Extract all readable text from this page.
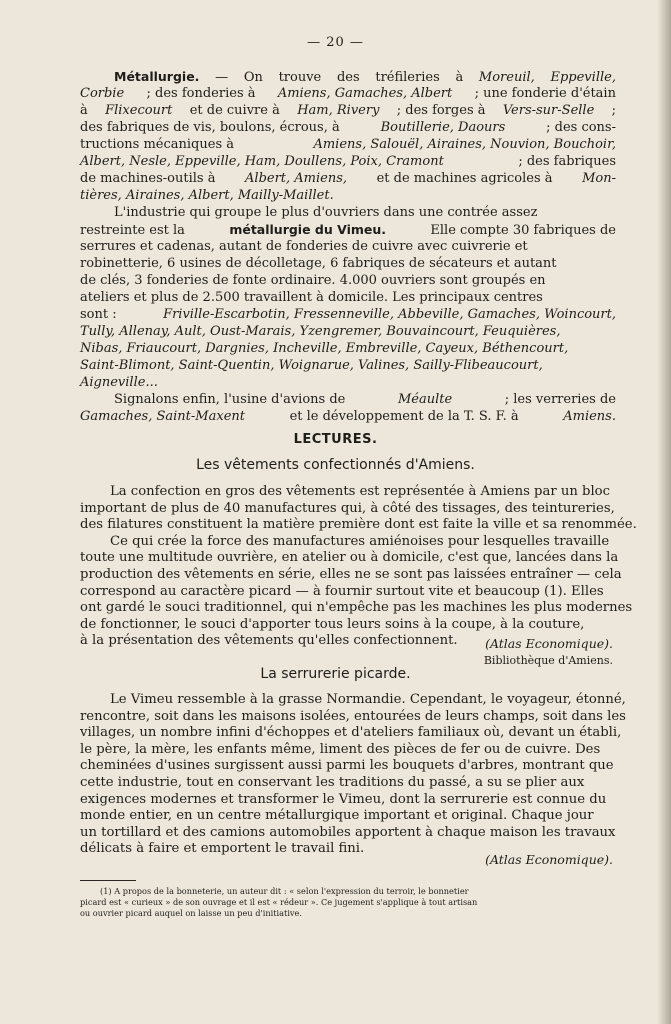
— 20 —
Métallurgie. — On trouve des tréfileries à Moreuil, Eppeville,
Corbie ; des fonderies à Amiens, Gamaches, Albert ; une fonderie d'étain
à Flixecourt et de cuivre à Ham, Rivery ; des forges à Vers-sur-Selle ;
des fabriques de vis, boulons, écrous, à	Boutillerie, Daours	; des cons-
tructions mécaniques à	Amiens, Salouël, Airaines, Nouvion, Bouchoir,
Albert, Nesle, Eppeville, Ham, Doullens, Poix, Cramont	; des fabriques
de machines-outils à Albert, Amiens, et de machines agricoles à Mon-
tières, Airaines, Albert, Mailly-Maillet.
L'industrie qui groupe le plus d'ouvriers dans une contrée assez
restreinte est la	métallurgie du Vimeu.	Elle compte 30 fabriques de
serrures et cadenas, autant de fonderies de cuivre avec cuivrerie et
robinetterie, 6 usines de décolletage, 6 fabriques de sécateurs et autant
de clés, 3 fonderies de fonte ordinaire. 4.000 ouvriers sont groupés en
ateliers et plus de 2.500 travaillent à domicile. Les principaux centres
sont :	Friville-Escarbotin, Fressenneville, Abbeville, Gamaches, Woincourt,
Tully, Allenay, Ault, Oust-Marais, Yzengremer, Bouvaincourt, Feuquières,
Nibas, Friaucourt, Dargnies, Incheville, Embreville, Cayeux, Béthencourt,
Saint-Blimont, Saint-Quentin, Woignarue, Valines, Sailly-Flibeaucourt,
Aigneville...
Signalons enfin, l'usine d'avions de	Méaulte	; les verreries de
Gamaches, Saint-Maxent	et le développement de la T. S. F. à	Amiens.
LECTURES.
Les vêtements confectionnés d'Amiens.
La confection en gros des vêtements est représentée à Amiens par un bloc
important de plus de 40 manufactures qui, à côté des tissages, des teintureries,
des filatures constituent la matière première dont est faite la ville et sa renommée.
Ce qui crée la force des manufactures amiénoises pour lesquelles travaille
toute une multitude ouvrière, en atelier ou à domicile, c'est que, lancées dans la
production des vêtements en série, elles ne se sont pas laissées entraîner — cela
correspond au caractère picard — à fournir surtout vite et beaucoup (1). Elles
ont gardé le souci traditionnel, qui n'empêche pas les machines les plus modernes
de fonctionner, le souci d'apporter tous leurs soins à la coupe, à la couture,
à la présentation des vêtements qu'elles confectionnent. (Atlas Economique).
Bibliothèque d'Amiens.
La serrurerie picarde.
Le Vimeu ressemble à la grasse Normandie. Cependant, le voyageur, étonné,
rencontre, soit dans les maisons isolées, entourées de leurs champs, soit dans les
villages, un nombre infini d'échoppes et d'ateliers familiaux où, devant un établi,
le père, la mère, les enfants même, liment des pièces de fer ou de cuivre. Des
cheminées d'usines surgissent aussi parmi les bouquets d'arbres, montrant que
cette industrie, tout en conservant les traditions du passé, a su se plier aux
exigences modernes et transformer le Vimeu, dont la serrurerie est connue du
monde entier, en un centre métallurgique important et original. Chaque jour
un tortillard et des camions automobiles apportent à chaque maison les travaux
délicats à faire et emportent le travail fini.
(Atlas Economique).
(1) A propos de la bonneterie, un auteur dit : « selon l'expression du terroir, le bonnetier
picard est « curieux » de son ouvrage et il est « rédeur ». Ce jugement s'applique à tout artisan
ou ouvrier picard auquel on laisse un peu d'initiative.
